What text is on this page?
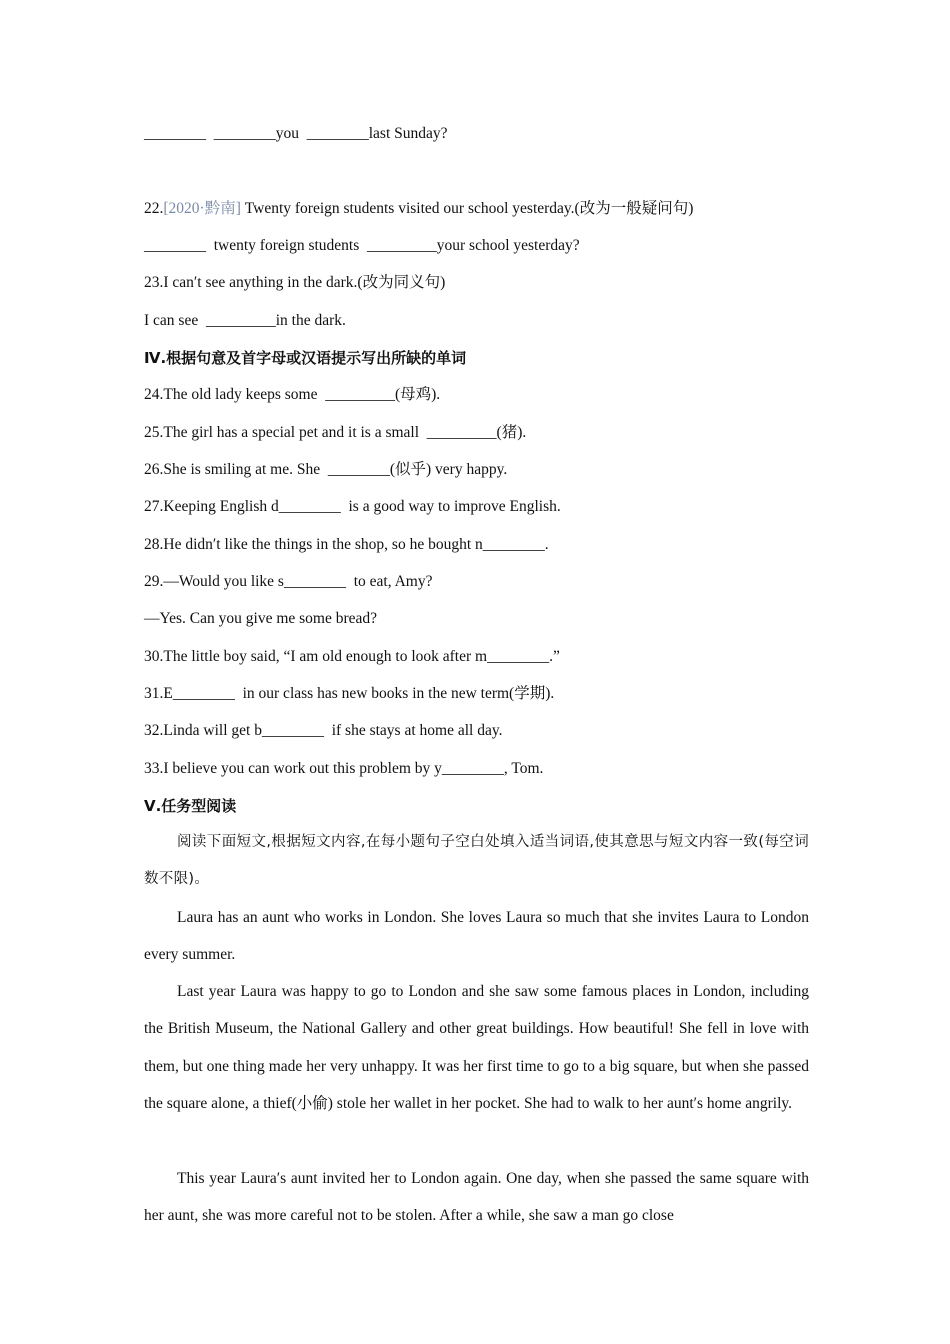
________  ________you  ________last Sunday?
22.[2020·黔南] Twenty foreign students visited our school yesterday.(改为一般疑问句)
________  twenty foreign students  _________your school yesterday?
23.I can′t see anything in the dark.(改为同义句)
I can see  _________in the dark.
Ⅳ.根据句意及首字母或汉语提示写出所缺的单词
24.The old lady keeps some  _________(母鸡).
25.The girl has a special pet and it is a small  _________(猪).
26.She is smiling at me. She  ________(似乎) very happy.
27.Keeping English d________  is a good way to improve English.
28.He didn′t like the things in the shop, so he bought n________.
29.—Would you like s________  to eat, Amy?
—Yes. Can you give me some bread?
30.The little boy said, “I am old enough to look after m________.”
31.E________  in our class has new books in the new term(学期).
32.Linda will get b________  if she stays at home all day.
33.I believe you can work out this problem by y________, Tom.
Ⅴ.任务型阅读

阅读下面短文,根据短文内容,在每小题句子空白处填入适当词语,使其意思与短文内容一致(每空词数不限)。

Laura has an aunt who works in London. She loves Laura so much that she invites Laura to London every summer.

Last year Laura was happy to go to London and she saw some famous places in London, including the British Museum, the National Gallery and other great buildings. How beautiful! She fell in love with them, but one thing made her very unhappy. It was her first time to go to a big square, but when she passed the square alone, a thief(小偷) stole her wallet in her pocket. She had to walk to her aunt′s home angrily.

This year Laura′s aunt invited her to London again. One day, when she passed the same square with her aunt, she was more careful not to be stolen. After a while, she saw a man go close
